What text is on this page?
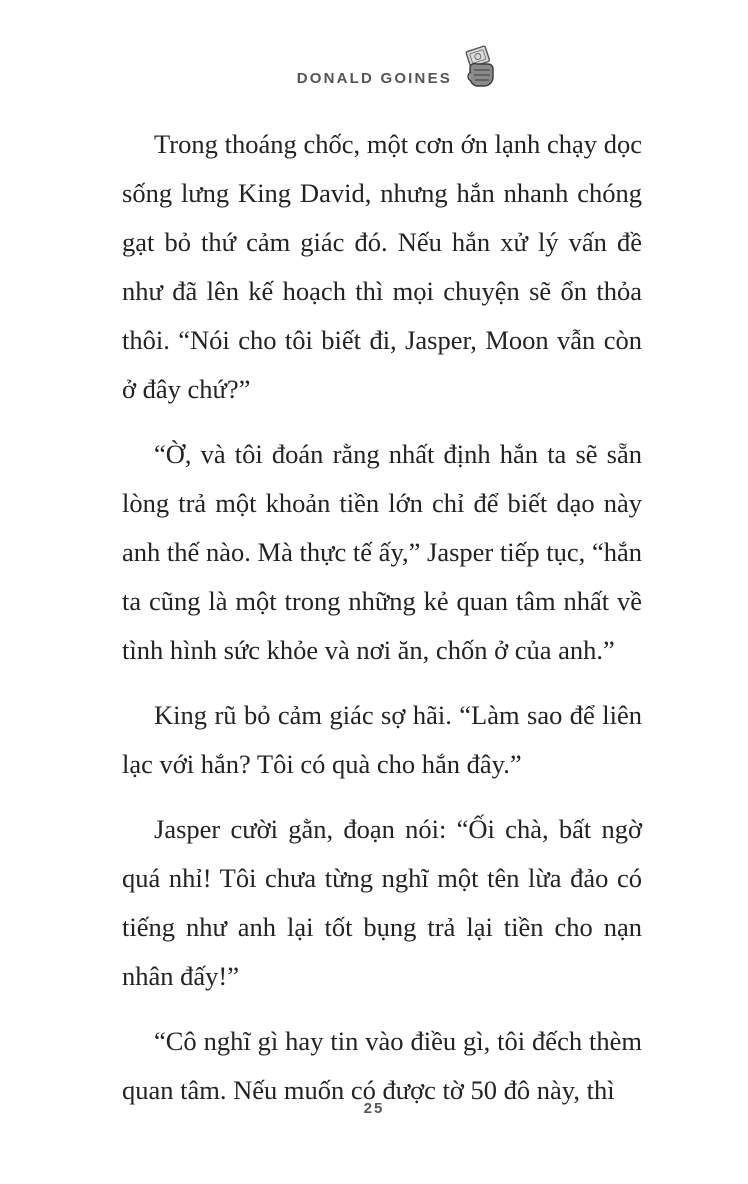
DONALD GOINES

Trong thoáng chốc, một cơn ớn lạnh chạy dọc sống lưng King David, nhưng hắn nhanh chóng gạt bỏ thứ cảm giác đó. Nếu hắn xử lý vấn đề như đã lên kế hoạch thì mọi chuyện sẽ ổn thỏa thôi. “Nói cho tôi biết đi, Jasper, Moon vẫn còn ở đây chứ?”

“Ờ, và tôi đoán rằng nhất định hắn ta sẽ sẵn lòng trả một khoản tiền lớn chỉ để biết dạo này anh thế nào. Mà thực tế ấy,” Jasper tiếp tục, “hắn ta cũng là một trong những kẻ quan tâm nhất về tình hình sức khỏe và nơi ăn, chốn ở của anh.”

King rũ bỏ cảm giác sợ hãi. “Làm sao để liên lạc với hắn? Tôi có quà cho hắn đây.”

Jasper cười gằn, đoạn nói: “Ối chà, bất ngờ quá nhỉ! Tôi chưa từng nghĩ một tên lừa đảo có tiếng như anh lại tốt bụng trả lại tiền cho nạn nhân đấy!”

“Cô nghĩ gì hay tin vào điều gì, tôi đếch thèm quan tâm. Nếu muốn có được tờ 50 đô này, thì

25
